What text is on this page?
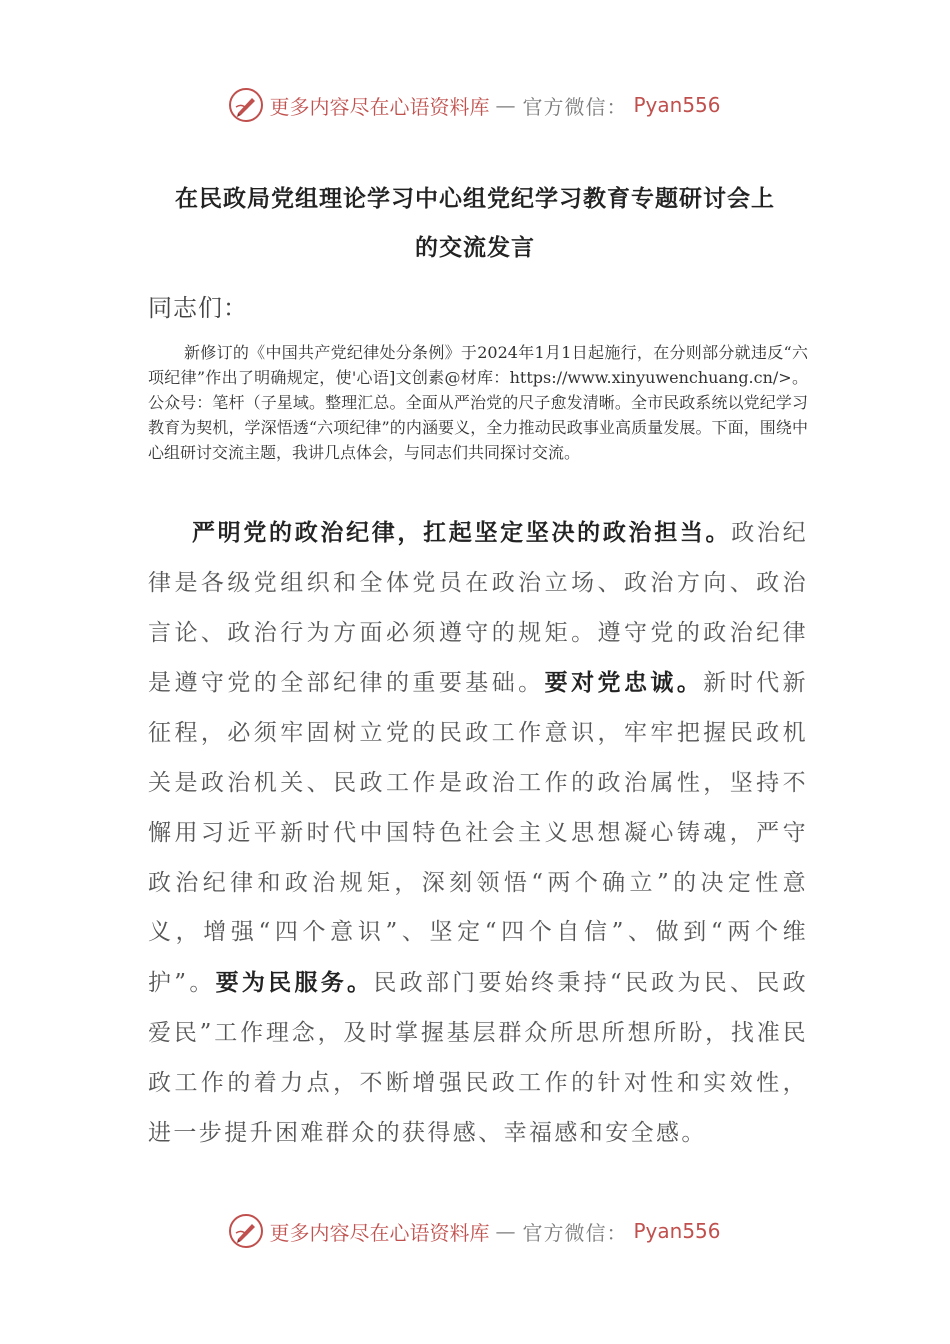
更多内容尽在心语资料库 — 官方微信： Pyan556
在民政局党组理论学习中心组党纪学习教育专题研讨会上
的交流发言
同志们：

新修订的《中国共产党纪律处分条例》于2024年1月1日起施行，在分则部分就违反“六项纪律”作出了明确规定，使'心语]文创素@材库：https://www.xinyuwenchuang.cn/>。公众号：笔杆（子星域。整理汇总。全面从严治党的尺子愈发清晰。全市民政系统以党纪学习教育为契机，学深悟透“六项纪律”的内涵要义，全力推动民政事业高质量发展。下面，围绕中心组研讨交流主题，我讲几点体会，与同志们共同探讨交流。

严明党的政治纪律，扛起坚定坚决的政治担当。政治纪律是各级党组织和全体党员在政治立场、政治方向、政治言论、政治行为方面必须遵守的规矩。遵守党的政治纪律是遵守党的全部纪律的重要基础。要对党忠诚。新时代新征程，必须牢固树立党的民政工作意识，牢牢把握民政机关是政治机关、民政工作是政治工作的政治属性，坚持不懈用习近平新时代中国特色社会主义思想凝心铸魂，严守政治纪律和政治规矩，深刻领悟“两个确立”的决定性意义，增强“四个意识”、坚定“四个自信”、做到“两个维护”。要为民服务。民政部门要始终秉持“民政为民、民政爱民”工作理念，及时掌握基层群众所思所想所盼，找准民政工作的着力点，不断增强民政工作的针对性和实效性，进一步提升困难群众的获得感、幸福感和安全感。

更多内容尽在心语资料库 — 官方微信： Pyan556
